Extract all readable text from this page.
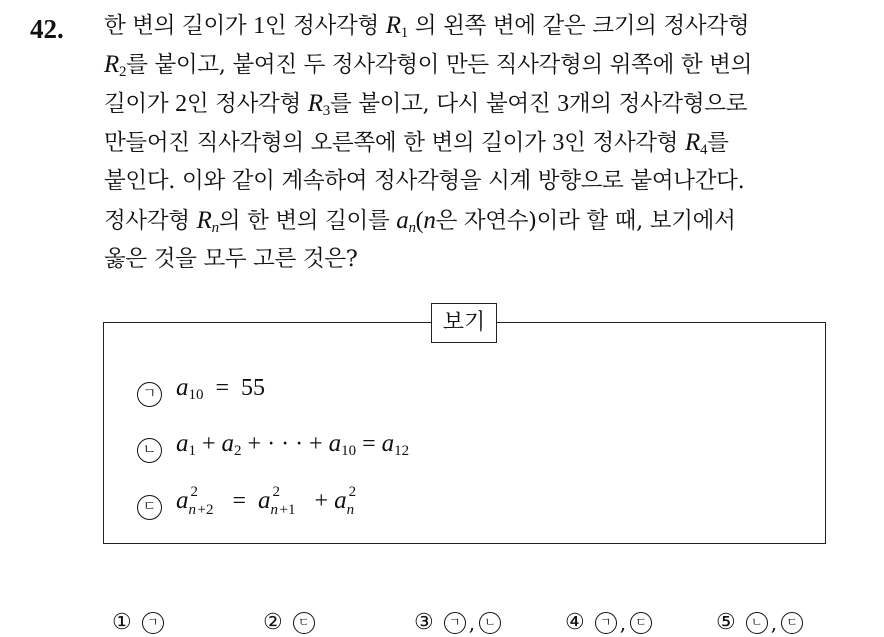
42. 한 변의 길이가 1인 정사각형 $R_1$ 의 왼쪽 변에 같은 크기의 정사각형
$R_2$를 붙이고, 붙여진 두 정사각형이 만든 직사각형의 위쪽에 한 변의
길이가 2인 정사각형 $R_3$를 붙이고, 다시 붙여진 3개의 정사각형으로
만들어진 직사각형의 오른쪽에 한 변의 길이가 3인 정사각형 $R_4$를
붙인다. 이와 같이 계속하여 정사각형을 시계 방향으로 붙여나간다.
정사각형 $R_n$의 한 변의 길이를 $a_n(n$은 자연수)이라 할 때, 보기에서
옳은 것을 모두 고른 것은?
보기
ㄱ $a_{10} = 55$
ㄴ $a_1 + a_2$ + · · · + $a_{10} = a_{12}$
ㄷ a 2
n +2 =  a 2
n +1 + a 2
n
①	ㄱ	②	ㄷ	③	ㄱ , ㄴ	④	ㄱ , ㄷ	⑤	ㄴ , ㄷ
